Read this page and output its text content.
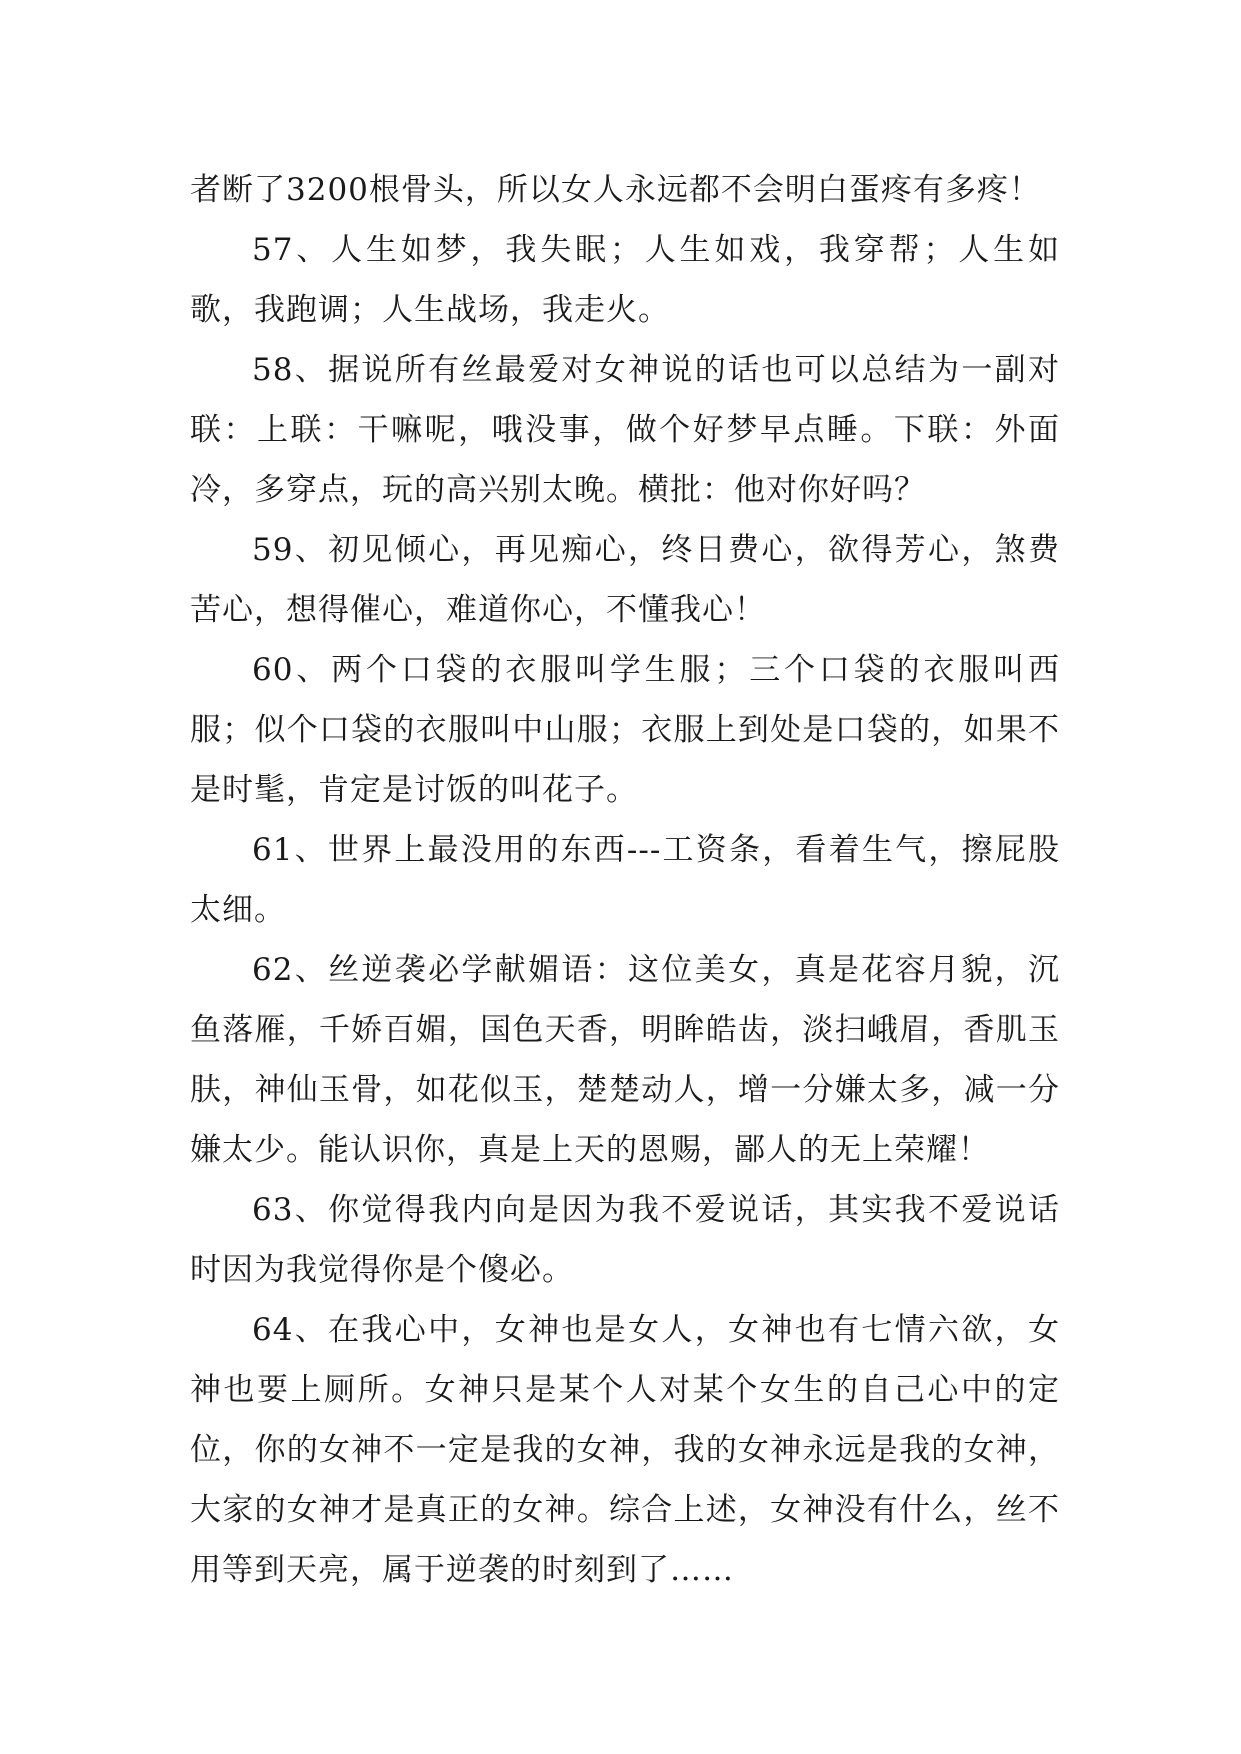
者断了3200根骨头，所以女人永远都不会明白蛋疼有多疼！

57、人生如梦，我失眠；人生如戏，我穿帮；人生如歌，我跑调；人生战场，我走火。

58、据说所有丝最爱对女神说的话也可以总结为一副对联：上联：干嘛呢，哦没事，做个好梦早点睡。下联：外面冷，多穿点，玩的高兴别太晚。横批：他对你好吗？

59、初见倾心，再见痴心，终日费心，欲得芳心，煞费苦心，想得催心，难道你心，不懂我心！

60、两个口袋的衣服叫学生服；三个口袋的衣服叫西服；似个口袋的衣服叫中山服；衣服上到处是口袋的，如果不是时髦，肯定是讨饭的叫花子。

61、世界上最没用的东西---工资条，看着生气，擦屁股太细。

62、丝逆袭必学献媚语：这位美女，真是花容月貌，沉鱼落雁，千娇百媚，国色天香，明眸皓齿，淡扫峨眉，香肌玉肤，神仙玉骨，如花似玉，楚楚动人，增一分嫌太多，减一分嫌太少。能认识你，真是上天的恩赐，鄙人的无上荣耀！

63、你觉得我内向是因为我不爱说话，其实我不爱说话时因为我觉得你是个傻必。

64、在我心中，女神也是女人，女神也有七情六欲，女神也要上厕所。女神只是某个人对某个女生的自己心中的定位，你的女神不一定是我的女神，我的女神永远是我的女神，大家的女神才是真正的女神。综合上述，女神没有什么，丝不用等到天亮，属于逆袭的时刻到了……
